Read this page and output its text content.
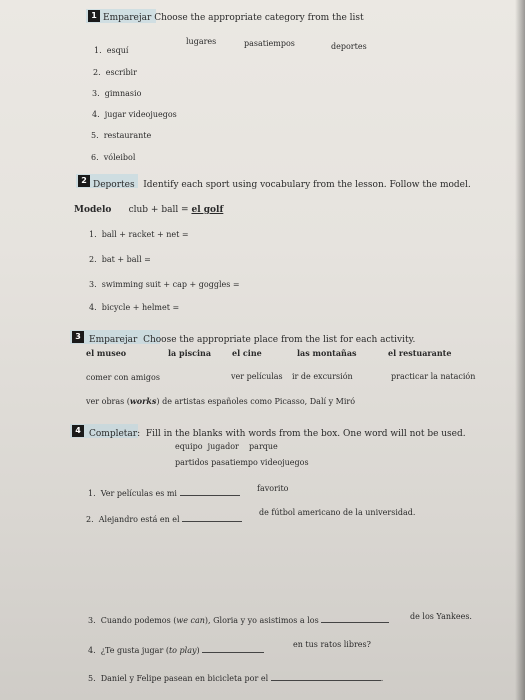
1 Emparejar Choose the appropriate category from the list
lugares	pasatiempos	deportes
1. esquí
2. escribir
3. gimnasio
4. jugar videojuegos
5. restaurante
6. vóleibol
2 Deportes Identify each sport using vocabulary from the lesson. Follow the model.
Modelo club + ball = el golf
1. ball + racket + net =
2. bat + ball =
3. swimming suit + cap + goggles =
4. bicycle + helmet =
3 Emparejar Choose the appropriate place from the list for each activity.
el museo	la piscina	el cine	las montañas	el restuarante
comer con amigos	ver películas ir de excursión	practicar la natación
ver obras (works) de artistas españoles como Picasso, Dalí y Miró
4 Completar: Fill in the blanks with words from the box. One word will not be used.
equipo  jugador    parque
partidos pasatiempo videojuegos
1. Ver películas es mi
favorito
2. Alejandro está en el
de fútbol americano de la universidad.
3. Cuando podemos (we can), Gloria y yo asistimos a los	de los Yankees.
4. ¿Te gusta jugar (to play)
en tus ratos libres?
5. Daniel y Felipe pasean en bicicleta por el	.
